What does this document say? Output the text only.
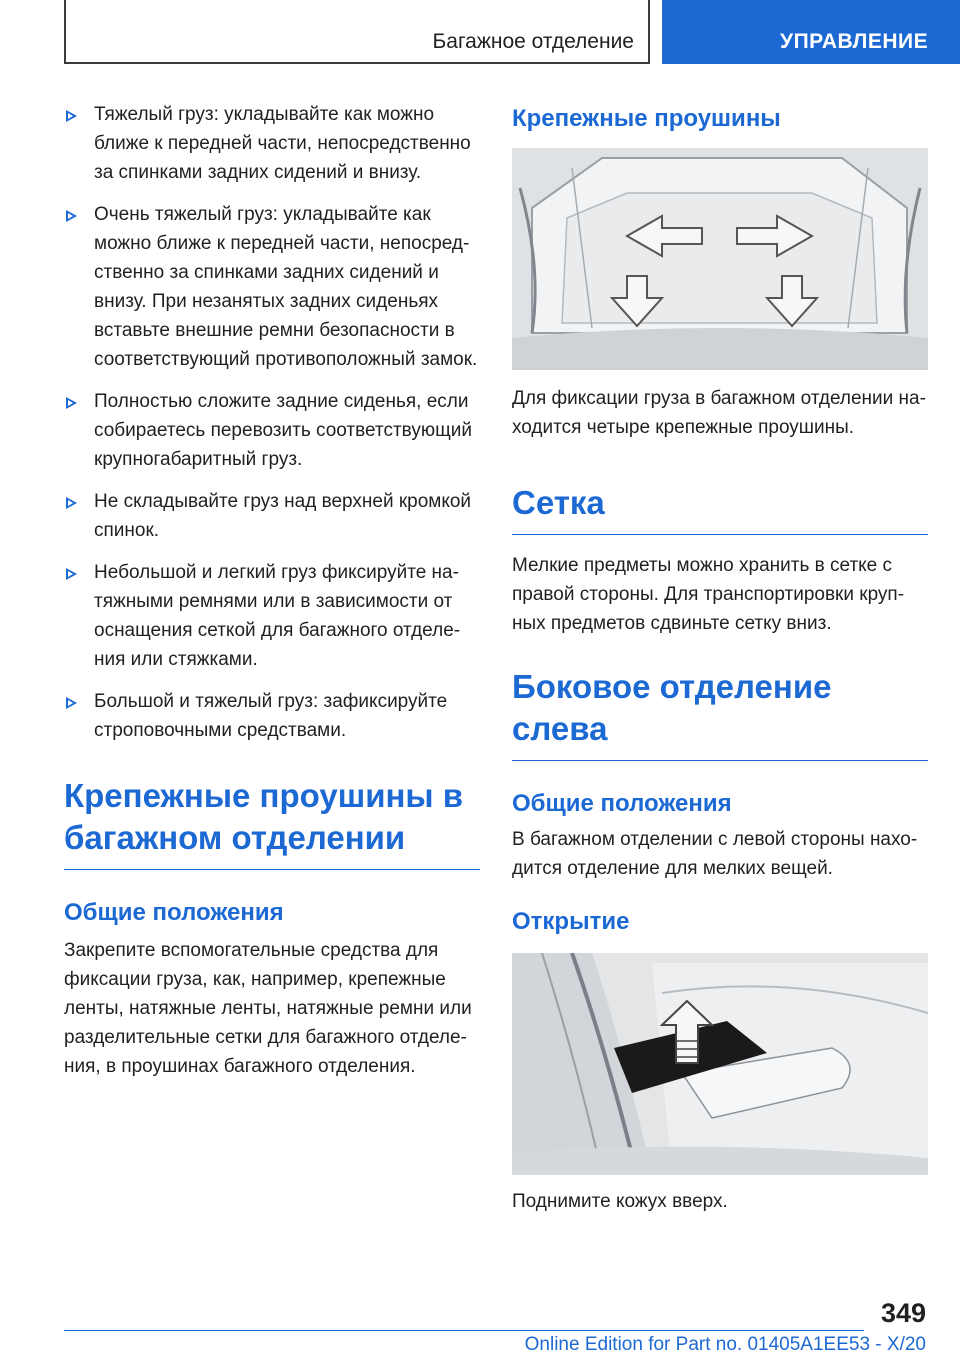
Багажное отделение	УПРАВЛЕНИЕ
Тяжелый груз: укладывайте как можно ближе к передней части, непосредственно за спинками задних сидений и внизу.
Очень тяжелый груз: укладывайте как можно ближе к передней части, непосредственно за спинками задних сидений и внизу. При незанятых задних сиденьях вставьте внешние ремни безопасности в соответствующий противоположный замок.
Полностью сложите задние сиденья, если собираетесь перевозить соответствующий крупногабаритный груз.
Не складывайте груз над верхней кромкой спинок.
Небольшой и легкий груз фиксируйте натяжными ремнями или в зависимости от оснащения сеткой для багажного отделения или стяжками.
Большой и тяжелый груз: зафиксируйте строповочными средствами.
Крепежные проушины в багажном отделении
Общие положения

Закрепите вспомогательные средства для фиксации груза, как, например, крепежные ленты, натяжные ленты, натяжные ремни или разделительные сетки для багажного отделения, в проушинах багажного отделения.

Крепежные проушины

Для фиксации груза в багажном отделении находится четыре крепежные проушины.

Сетка

Мелкие предметы можно хранить в сетке с правой стороны. Для транспортировки крупных предметов сдвиньте сетку вниз.

Боковое отделение слева
Общие положения

В багажном отделении с левой стороны находится отделение для мелких вещей.

Открытие

Поднимите кожух вверх.

349
Online Edition for Part no. 01405A1EE53 - X/20
